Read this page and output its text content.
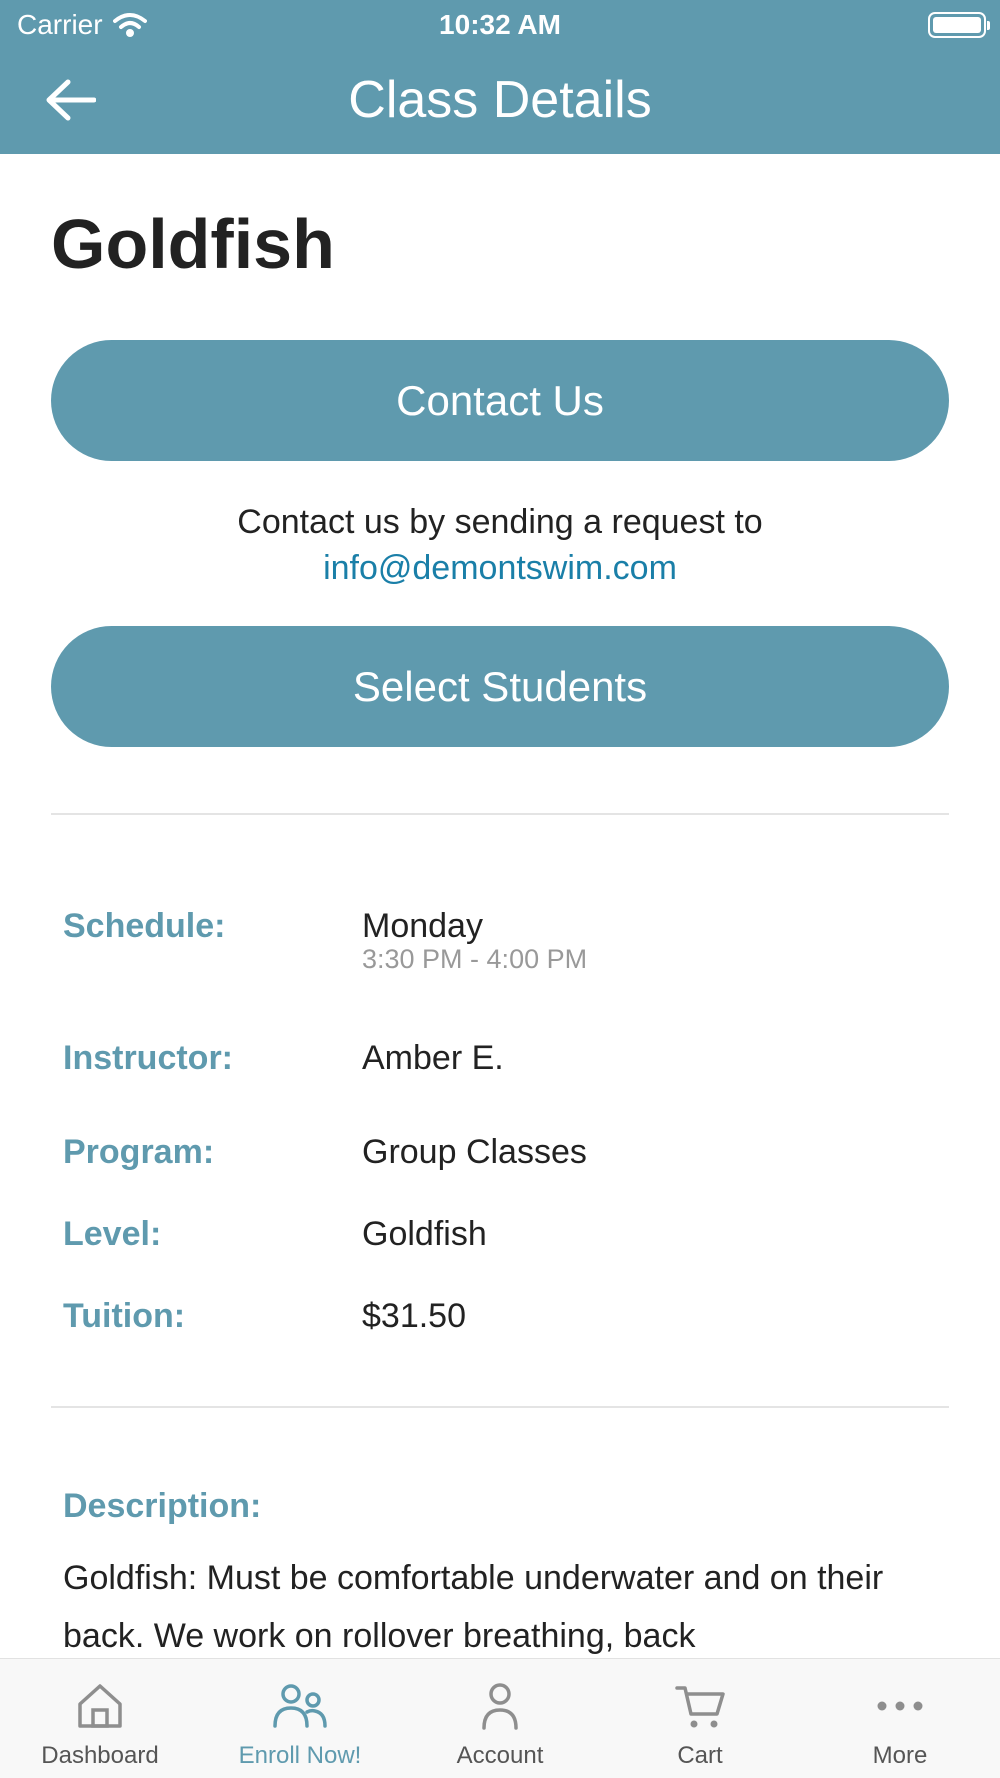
Carrier	10:32 AM
Class Details
Goldfish
Contact Us
Contact us by sending a request to
info@demontswim.com
Select Students
Schedule:	Monday
3:30 PM - 4:00 PM
Instructor:	Amber E.
Program:	Group Classes
Level:	Goldfish
Tuition:	$31.50
Description:
Goldfish: Must be comfortable underwater and on their back. We work on rollover breathing, back
Dashboard	Enroll Now!	Account	Cart	More
